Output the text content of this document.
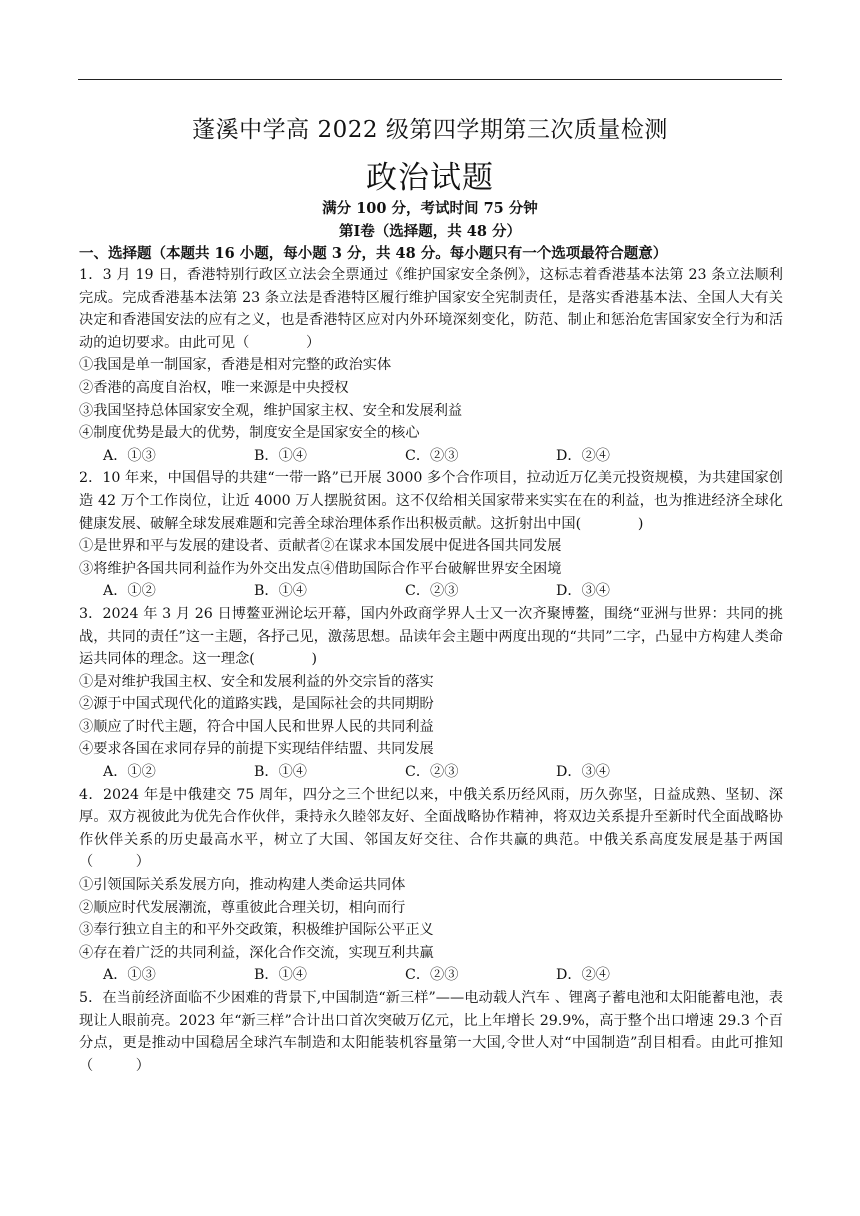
蓬溪中学高 2022 级第四学期第三次质量检测
政治试题
满分 100 分，考试时间 75 分钟
第Ⅰ卷（选择题，共 48 分）
一、选择题（本题共 16 小题，每小题 3 分，共 48 分。每小题只有一个选项最符合题意）
1．3 月 19 日，香港特别行政区立法会全票通过《维护国家安全条例》，这标志着香港基本法第 23 条立法顺利完成。完成香港基本法第 23 条立法是香港特区履行维护国家安全宪制责任，是落实香港基本法、全国人大有关决定和香港国安法的应有之义，也是香港特区应对内外环境深刻变化，防范、制止和惩治危害国家安全行为和活动的迫切要求。由此可见（　　　　）
①我国是单一制国家，香港是相对完整的政治实体
②香港的高度自治权，唯一来源是中央授权
③我国坚持总体国家安全观，维护国家主权、安全和发展利益
④制度优势是最大的优势，制度安全是国家安全的核心
A．①③	B．①④	C．②③	D．②④
2．10 年来，中国倡导的共建“一带一路”已开展 3000 多个合作项目，拉动近万亿美元投资规模，为共建国家创造 42 万个工作岗位，让近 4000 万人摆脱贫困。这不仅给相关国家带来实实在在的利益，也为推进经济全球化健康发展、破解全球发展难题和完善全球治理体系作出积极贡献。这折射出中国(　　　　)
①是世界和平与发展的建设者、贡献者②在谋求本国发展中促进各国共同发展
③将维护各国共同利益作为外交出发点④借助国际合作平台破解世界安全困境
A．①②	B．①④	C．②③	D．③④
3．2024 年 3 月 26 日博鳌亚洲论坛开幕，国内外政商学界人士又一次齐聚博鳌，围绕“亚洲与世界：共同的挑战，共同的责任”这一主题，各抒己见，激荡思想。品读年会主题中两度出现的“共同”二字，凸显中方构建人类命运共同体的理念。这一理念(　　　　)
①是对维护我国主权、安全和发展利益的外交宗旨的落实
②源于中国式现代化的道路实践，是国际社会的共同期盼
③顺应了时代主题，符合中国人民和世界人民的共同利益
④要求各国在求同存异的前提下实现结伴结盟、共同发展
A．①②	B．①④	C．②③	D．③④
4．2024 年是中俄建交 75 周年，四分之三个世纪以来，中俄关系历经风雨，历久弥坚，日益成熟、坚韧、深厚。双方视彼此为优先合作伙伴，秉持永久睦邻友好、全面战略协作精神，将双边关系提升至新时代全面战略协作伙伴关系的历史最高水平，树立了大国、邻国友好交往、合作共赢的典范。中俄关系高度发展是基于两国（　　　）
①引领国际关系发展方向，推动构建人类命运共同体
②顺应时代发展潮流，尊重彼此合理关切，相向而行
③奉行独立自主的和平外交政策，积极维护国际公平正义
④存在着广泛的共同利益，深化合作交流，实现互利共赢
A．①③	B．①④	C．②③	D．②④
5．在当前经济面临不少困难的背景下,中国制造“新三样”——电动载人汽车 、锂离子蓄电池和太阳能蓄电池，表现让人眼前亮。2023 年“新三样”合计出口首次突破万亿元，比上年增长 29.9%，高于整个出口增速 29.3 个百分点，更是推动中国稳居全球汽车制造和太阳能装机容量第一大国,令世人对“中国制造”刮目相看。由此可推知（　　　）
